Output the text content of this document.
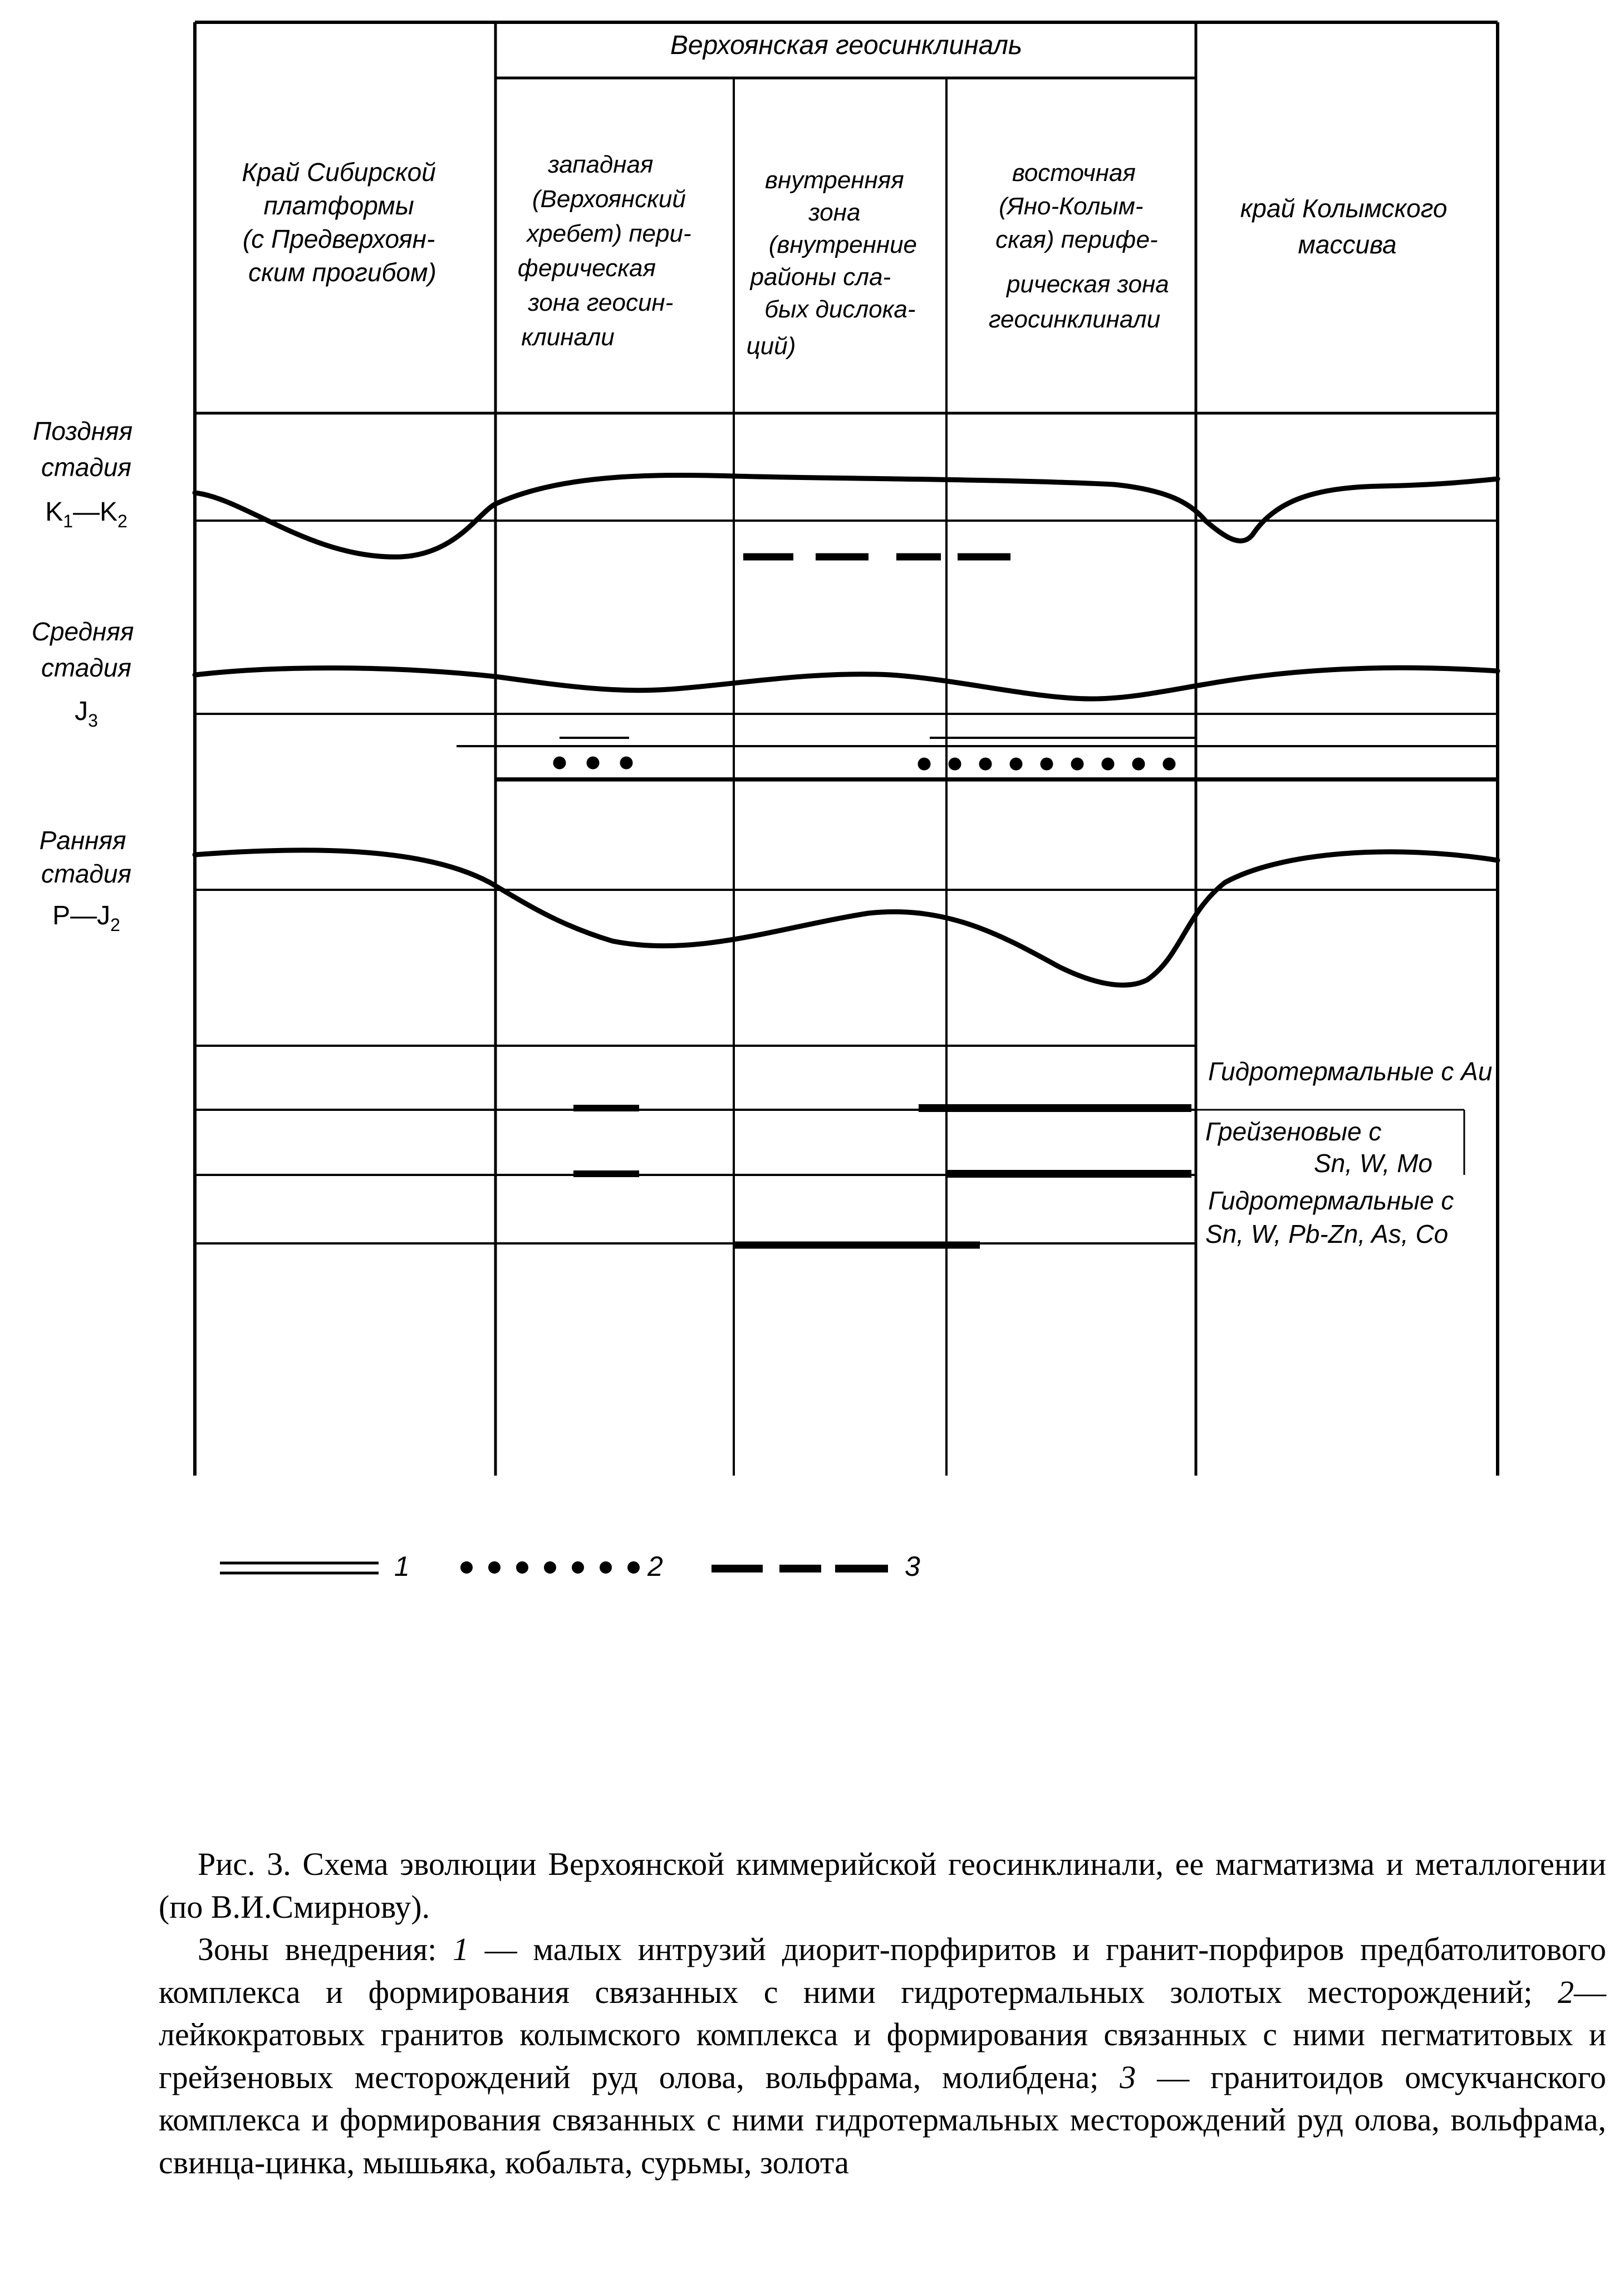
Верхоянская геосинклиналь
Край Сибирской платформы (с Предверхоян- ским прогибом)
западная (Верхоянский хребет) пери- ферическая зона геосин- клинали
внутренняя зона (внутренние районы сла- бых дислока- ций)
восточная (Яно-Колым- ская) перифе- рическая зона геосинклинали
край Колымского массива
Поздняя стадия
$K_1—K_2$
Средняя стадия
$J_3$
Ранняя стадия
$P—J_2$
Гидротермальные с Au
Грейзеновые с Sn, W, Mo
Гидротермальные с Sn, W, Pb-Zn, As, Co
1	2	3

Рис. 3. Схема эволюции Верхоянской киммерийской геосинклинали, ее магматизма и металлогении (по В.И.Смирнову).

Зоны внедрения: 1 — малых интрузий диорит-порфиритов и гранит-порфиров предбатолитового комплекса и формирования связанных с ними гидротермальных золотых месторождений; 2— лейкократовых гранитов колымского комплекса и формирования связанных с ними пегматитовых и грейзеновых месторождений руд олова, вольфрама, молибдена; 3 — гранитоидов омсукчанского комплекса и формирования связанных с ними гидротермальных месторождений руд олова, вольфрама, свинца-цинка, мышьяка, кобальта, сурьмы, золота
